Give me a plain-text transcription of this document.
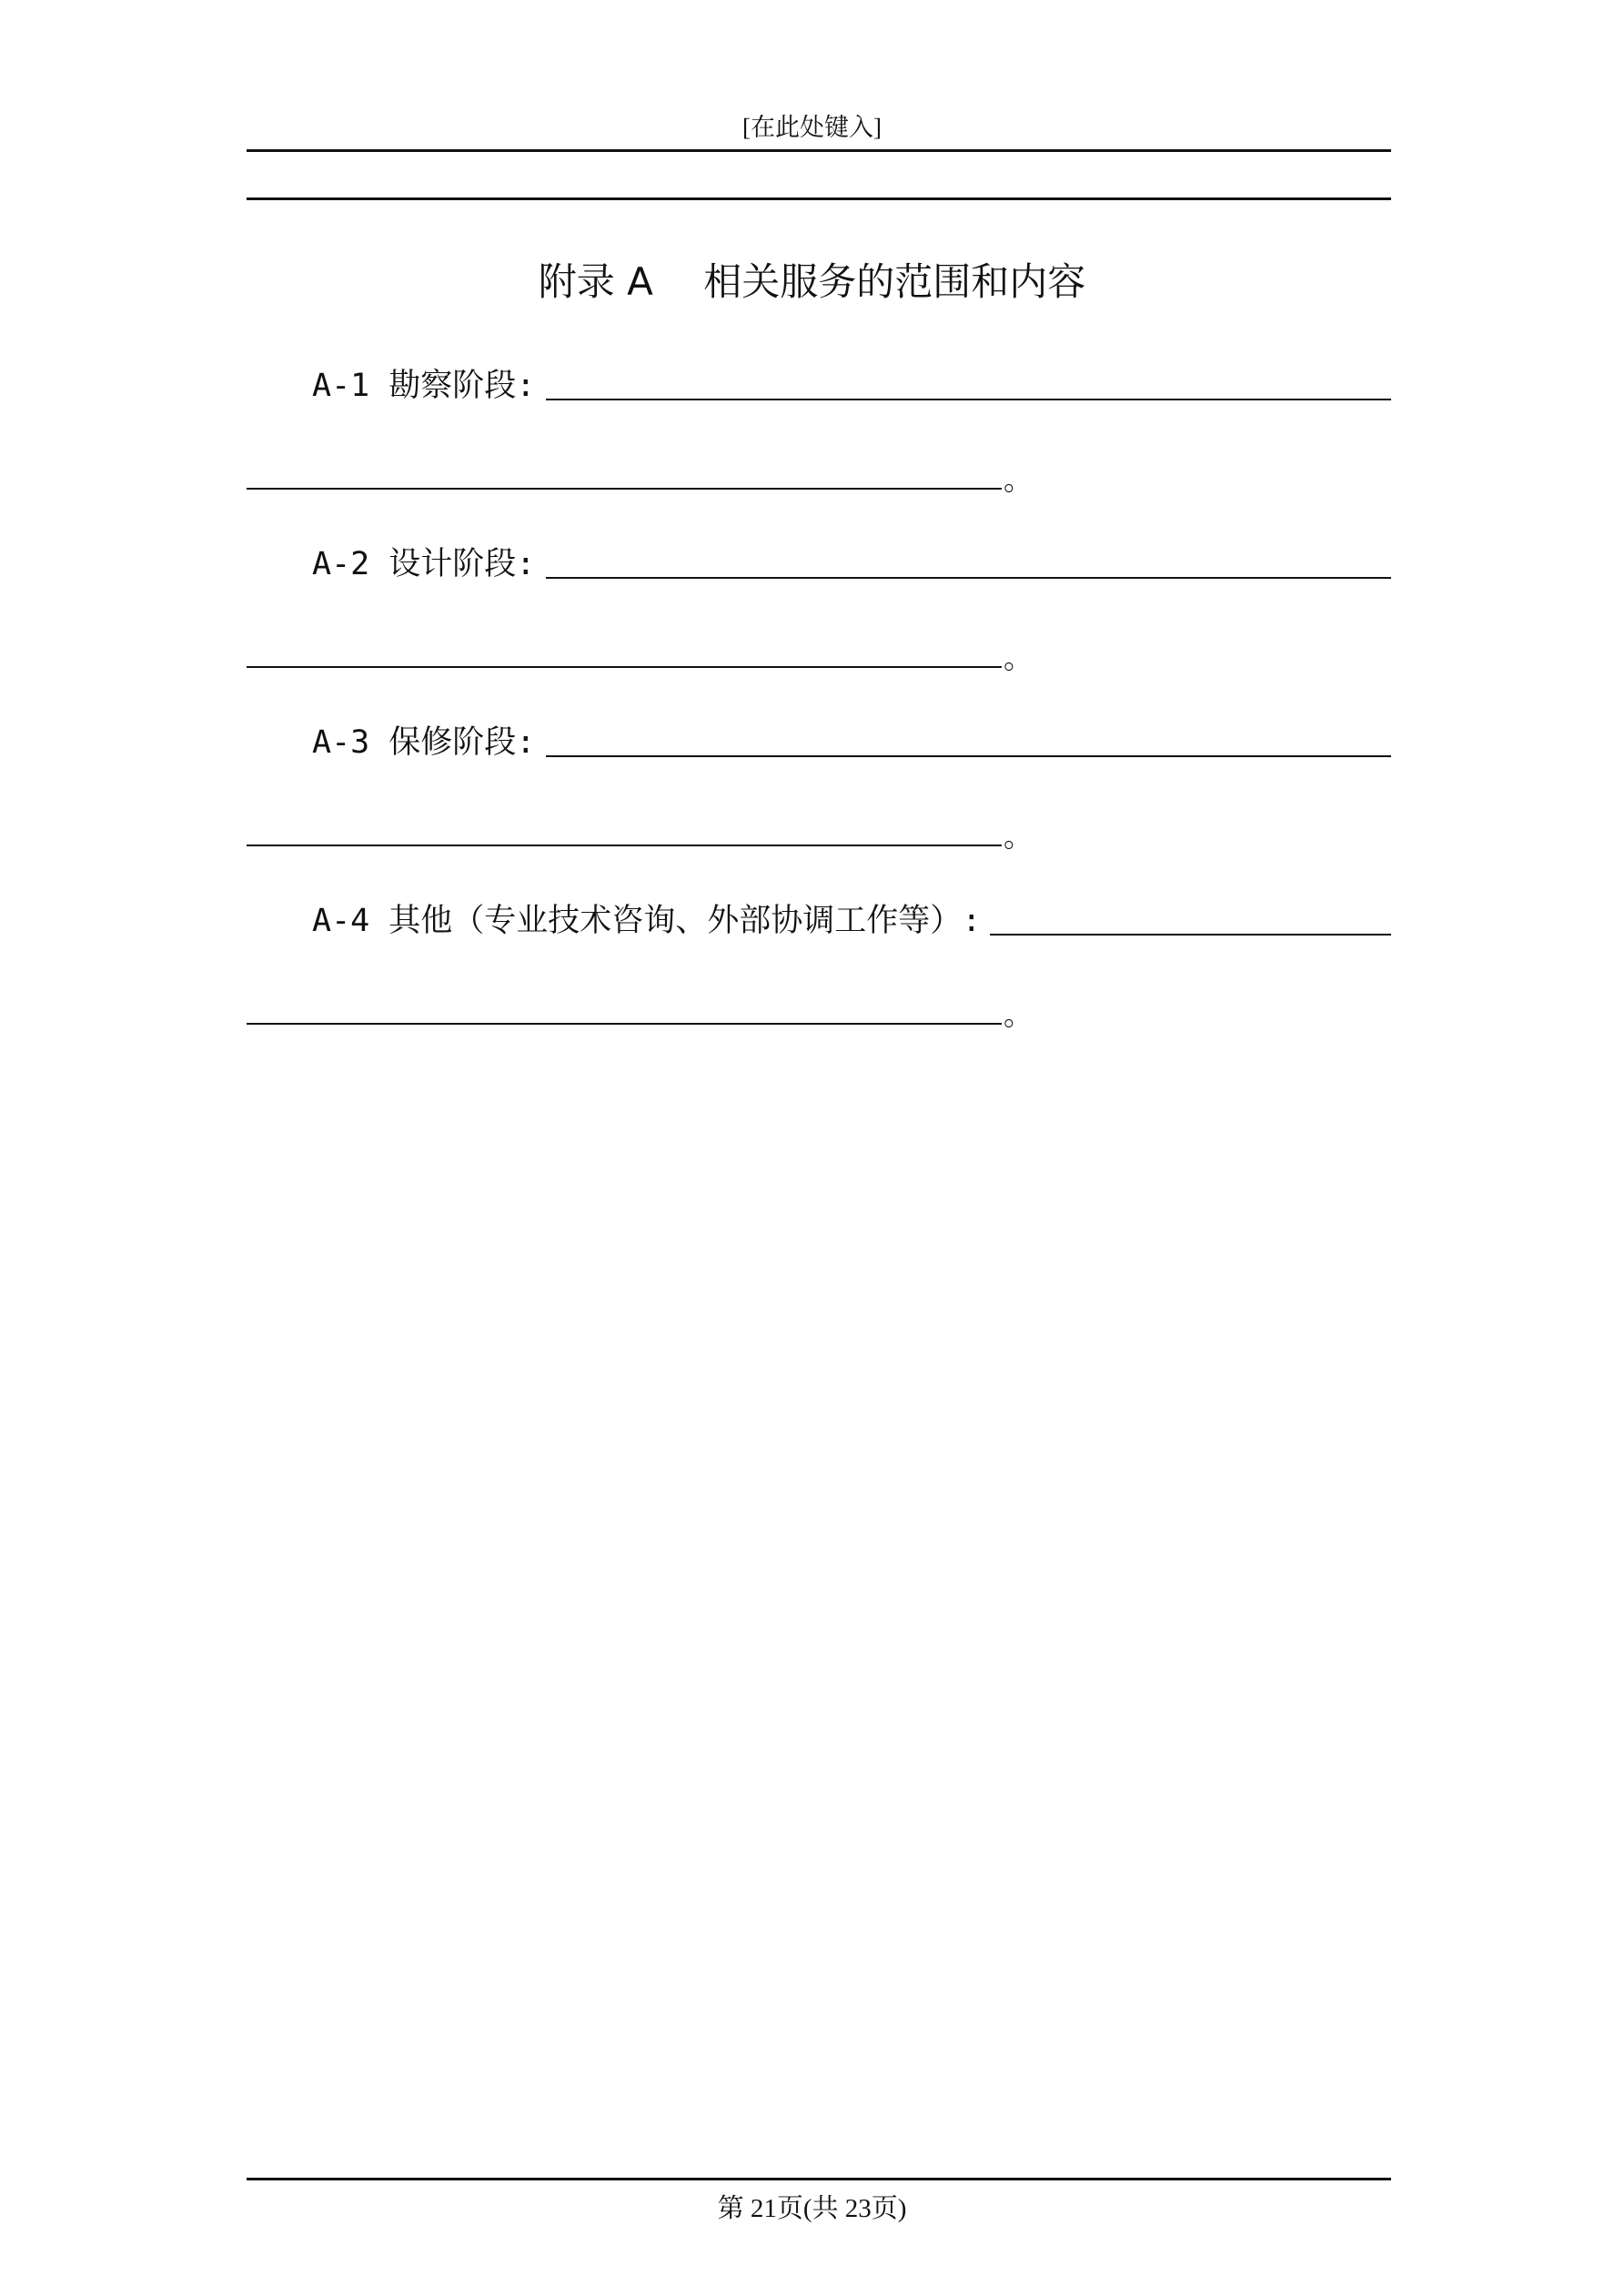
[在此处键入]
附录 A　 相关服务的范围和内容
A-1 勘察阶段:
。
A-2 设计阶段:
。
A-3 保修阶段:
。
A-4 其他（专业技术咨询、外部协调工作等）:
。
第 21页(共 23页)
